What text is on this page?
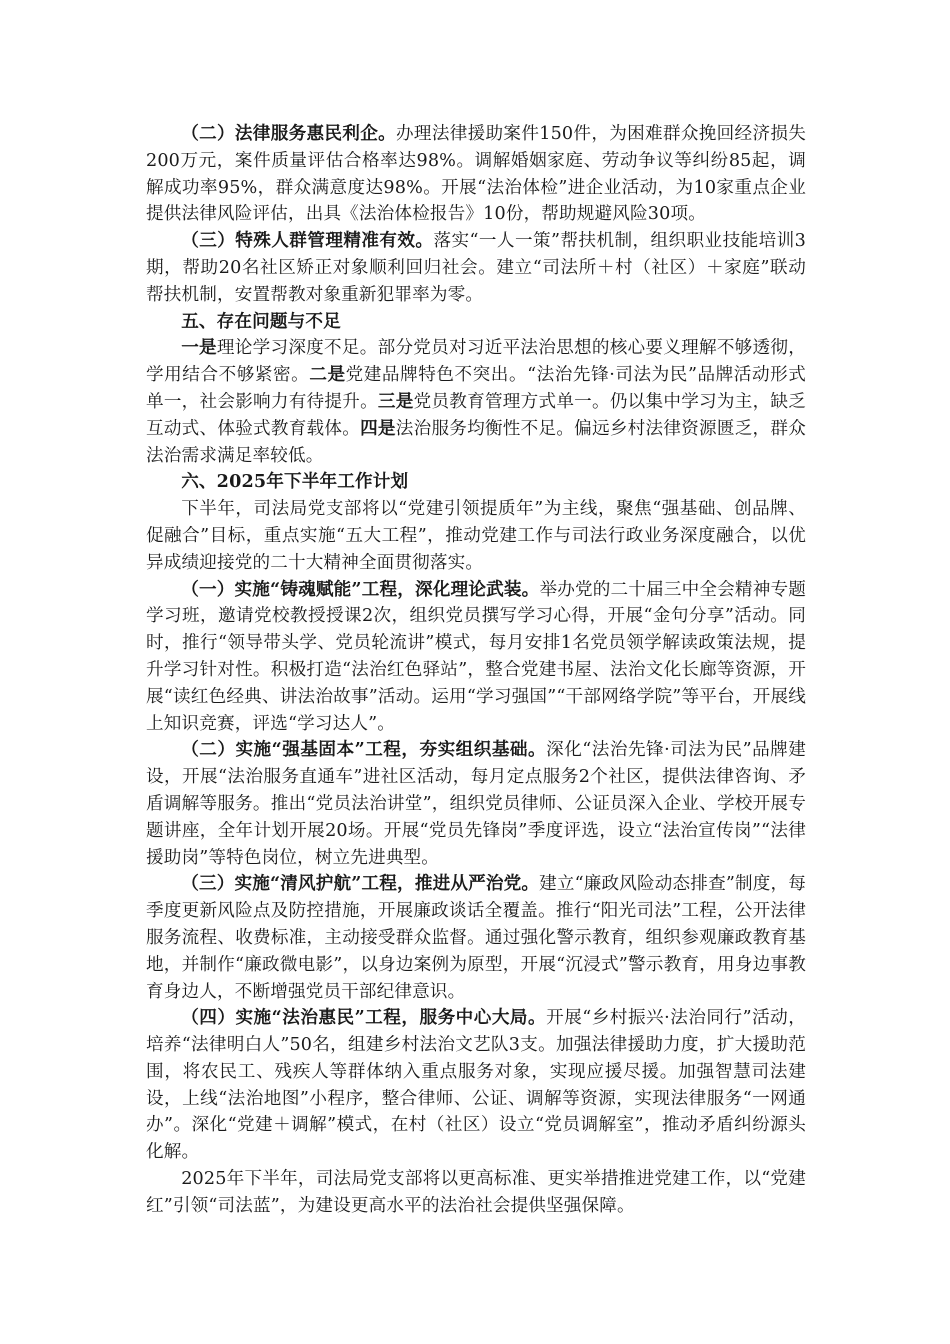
（二）法律服务惠民利企。办理法律援助案件150件，为困难群众挽回经济损失200万元，案件质量评估合格率达98%。调解婚姻家庭、劳动争议等纠纷85起，调解成功率95%，群众满意度达98%。开展“法治体检”进企业活动，为10家重点企业提供法律风险评估，出具《法治体检报告》10份，帮助规避风险30项。

（三）特殊人群管理精准有效。落实“一人一策”帮扶机制，组织职业技能培训3期，帮助20名社区矫正对象顺利回归社会。建立“司法所＋村（社区）＋家庭”联动帮扶机制，安置帮教对象重新犯罪率为零。

五、存在问题与不足

一是理论学习深度不足。部分党员对习近平法治思想的核心要义理解不够透彻，学用结合不够紧密。二是党建品牌特色不突出。“法治先锋·司法为民”品牌活动形式单一，社会影响力有待提升。三是党员教育管理方式单一。仍以集中学习为主，缺乏互动式、体验式教育载体。四是法治服务均衡性不足。偏远乡村法律资源匮乏，群众法治需求满足率较低。

六、2025年下半年工作计划

下半年，司法局党支部将以“党建引领提质年”为主线，聚焦“强基础、创品牌、促融合”目标，重点实施“五大工程”，推动党建工作与司法行政业务深度融合，以优异成绩迎接党的二十大精神全面贯彻落实。

（一）实施“铸魂赋能”工程，深化理论武装。举办党的二十届三中全会精神专题学习班，邀请党校教授授课2次，组织党员撰写学习心得，开展“金句分享”活动。同时，推行“领导带头学、党员轮流讲”模式，每月安排1名党员领学解读政策法规，提升学习针对性。积极打造“法治红色驿站”，整合党建书屋、法治文化长廊等资源，开展“读红色经典、讲法治故事”活动。运用“学习强国”“干部网络学院”等平台，开展线上知识竞赛，评选“学习达人”。

（二）实施“强基固本”工程，夯实组织基础。深化“法治先锋·司法为民”品牌建设，开展“法治服务直通车”进社区活动，每月定点服务2个社区，提供法律咨询、矛盾调解等服务。推出“党员法治讲堂”，组织党员律师、公证员深入企业、学校开展专题讲座，全年计划开展20场。开展“党员先锋岗”季度评选，设立“法治宣传岗”“法律援助岗”等特色岗位，树立先进典型。

（三）实施“清风护航”工程，推进从严治党。建立“廉政风险动态排查”制度，每季度更新风险点及防控措施，开展廉政谈话全覆盖。推行“阳光司法”工程，公开法律服务流程、收费标准，主动接受群众监督。通过强化警示教育，组织参观廉政教育基地，并制作“廉政微电影”，以身边案例为原型，开展“沉浸式”警示教育，用身边事教育身边人，不断增强党员干部纪律意识。

（四）实施“法治惠民”工程，服务中心大局。开展“乡村振兴·法治同行”活动，培养“法律明白人”50名，组建乡村法治文艺队3支。加强法律援助力度，扩大援助范围，将农民工、残疾人等群体纳入重点服务对象，实现应援尽援。加强智慧司法建设，上线“法治地图”小程序，整合律师、公证、调解等资源，实现法律服务“一网通办”。深化“党建＋调解”模式，在村（社区）设立“党员调解室”，推动矛盾纠纷源头化解。

2025年下半年，司法局党支部将以更高标准、更实举措推进党建工作，以“党建红”引领“司法蓝”，为建设更高水平的法治社会提供坚强保障。
